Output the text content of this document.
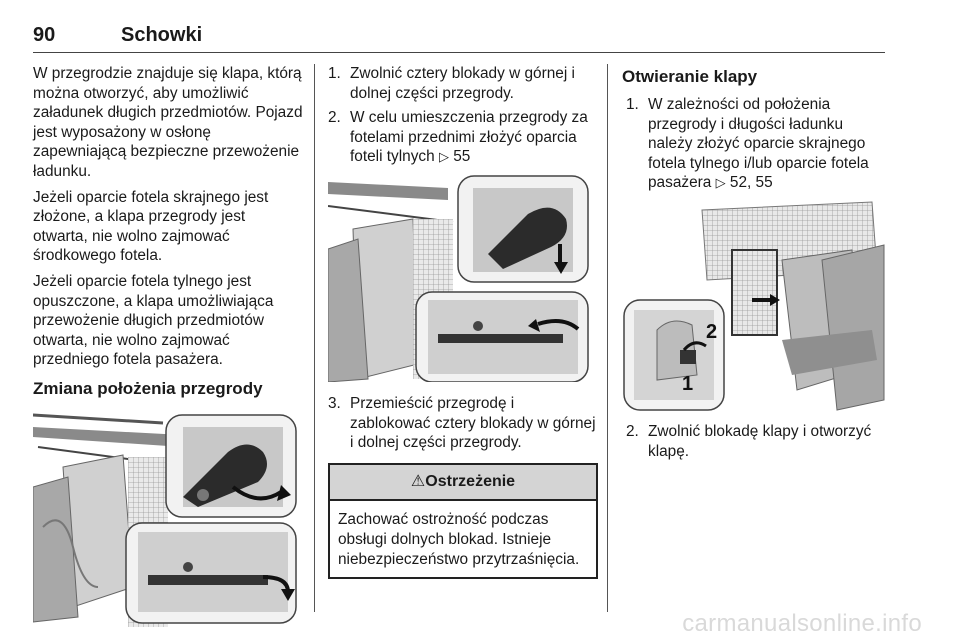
90	Schowki

W przegrodzie znajduje się klapa, którą można otworzyć, aby umożliwić załadunek długich przedmiotów. Pojazd jest wyposażony w osłonę zapewniającą bezpieczne przewożenie ładunku.

Jeżeli oparcie fotela skrajnego jest złożone, a klapa przegrody jest otwarta, nie wolno zajmować środkowego fotela.

Jeżeli oparcie fotela tylnego jest opuszczone, a klapa umożliwiająca przewożenie długich przedmiotów otwarta, nie wolno zajmować przedniego fotela pasażera.

Zmiana położenia przegrody
1. Zwolnić cztery blokady w górnej i dolnej części przegrody.
2. W celu umieszczenia przegrody za fotelami przednimi złożyć oparcia foteli tylnych ▷ 55
3. Przemieścić przegrodę i zablokować cztery blokady w górnej i dolnej części przegrody.
⚠Ostrzeżenie
Zachować ostrożność podczas obsługi dolnych blokad. Istnieje niebezpieczeństwo przytrzaśnięcia.
Otwieranie klapy
1. W zależności od położenia przegrody i długości ładunku należy złożyć oparcie skrajnego fotela tylnego i/lub oparcie fotela pasażera ▷ 52, 55
2
1
2. Zwolnić blokadę klapy i otworzyć klapę.
carmanualsonline.info
